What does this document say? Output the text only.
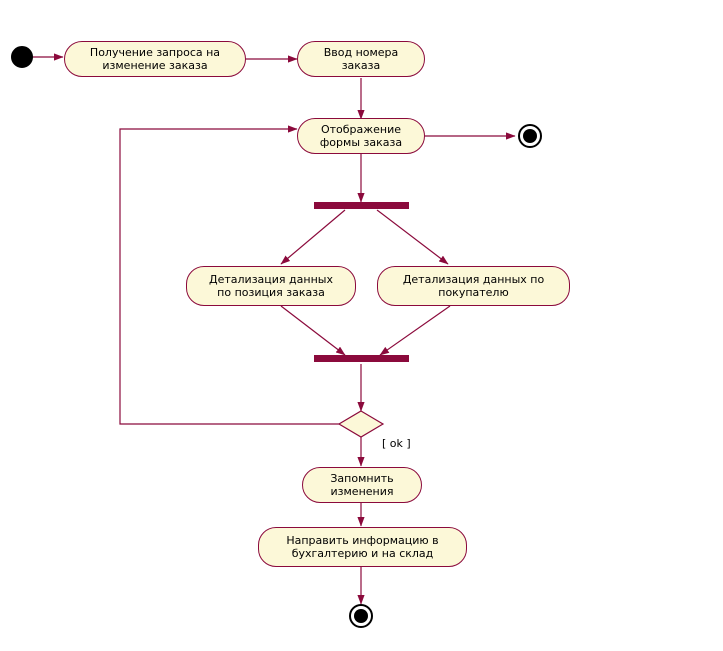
Получение запроса на
изменение заказа
Ввод номера
заказа
Отображение
формы заказа
Детализация данных
по позиция заказа
Детализация данных по
покупателю
[ ok ]
Запомнить
изменения
Направить информацию в
бухгалтерию и на склад
